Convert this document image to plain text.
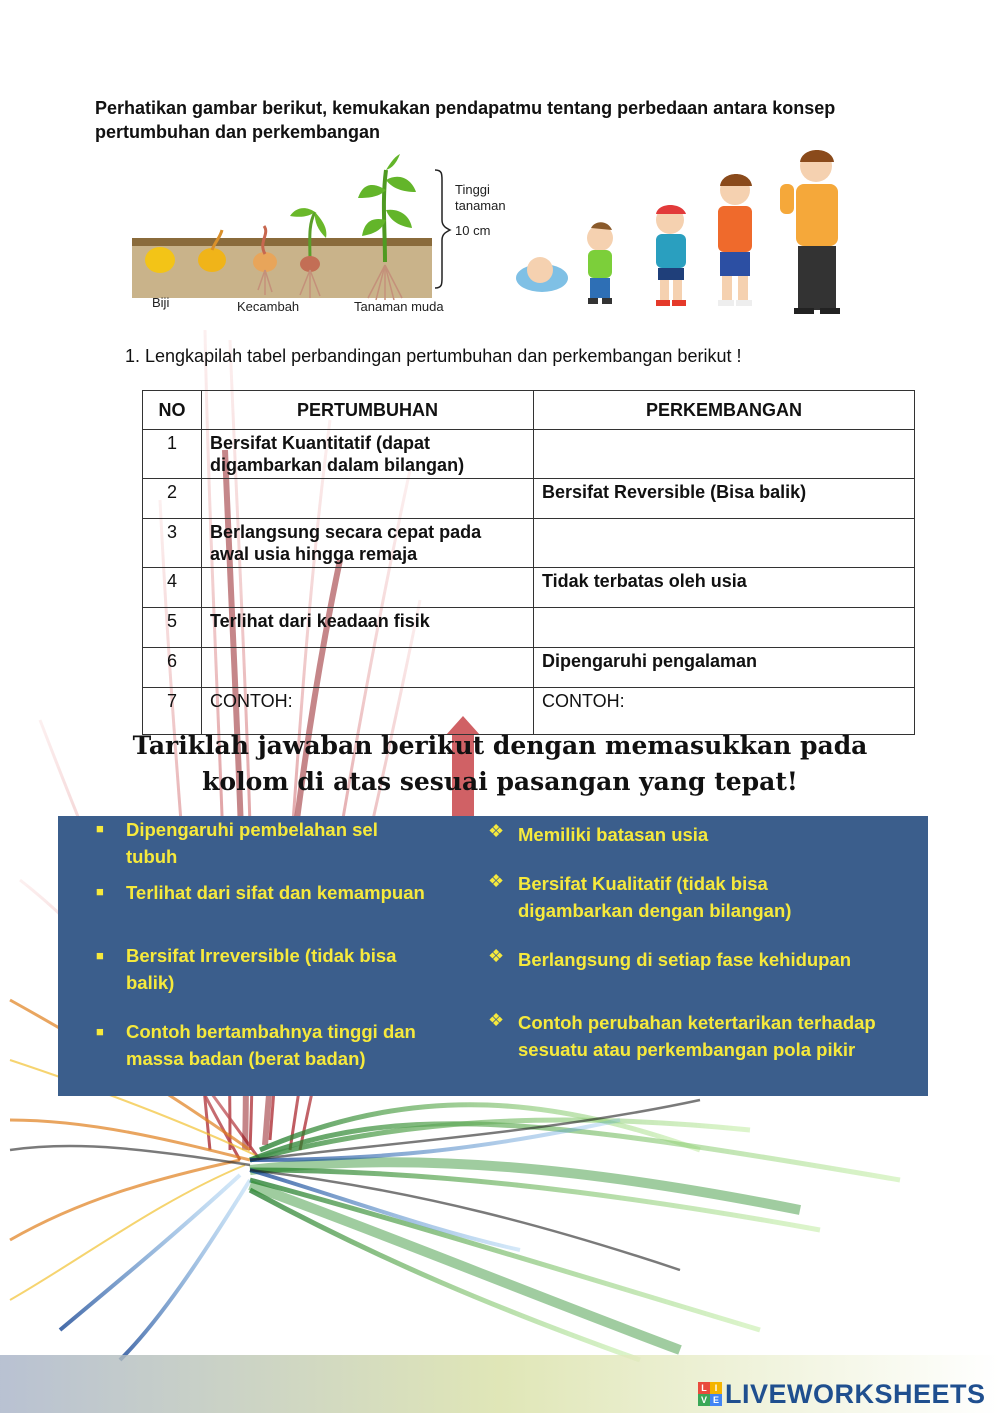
Perhatikan gambar berikut, kemukakan pendapatmu tentang perbedaan antara konsep pertumbuhan dan perkembangan
Tinggi
tanaman
10 cm
Biji	Kecambah	Tanaman muda
1. Lengkapilah tabel perbandingan pertumbuhan dan perkembangan berikut !
NO	PERTUMBUHAN	PERKEMBANGAN
1	Bersifat Kuantitatif (dapat digambarkan dalam bilangan)	
2		Bersifat Reversible (Bisa balik)
3	Berlangsung secara cepat pada awal usia hingga remaja	
4		Tidak terbatas oleh usia
5	Terlihat dari keadaan fisik	
6		Dipengaruhi pengalaman
7	CONTOH:	CONTOH:
Tariklah jawaban berikut dengan memasukkan pada
kolom di atas sesuai pasangan yang tepat!
■ Dipengaruhi pembelahan sel tubuh
■ Terlihat dari sifat dan kemampuan
■ Bersifat Irreversible (tidak bisa balik)
■ Contoh bertambahnya tinggi dan massa badan (berat badan)
❖ Memiliki batasan usia
❖ Bersifat Kualitatif (tidak bisa digambarkan dengan bilangan)
❖ Berlangsung di setiap fase kehidupan
❖ Contoh perubahan ketertarikan terhadap sesuatu atau perkembangan pola pikir
L I
V E LIVEWORKSHEETS
